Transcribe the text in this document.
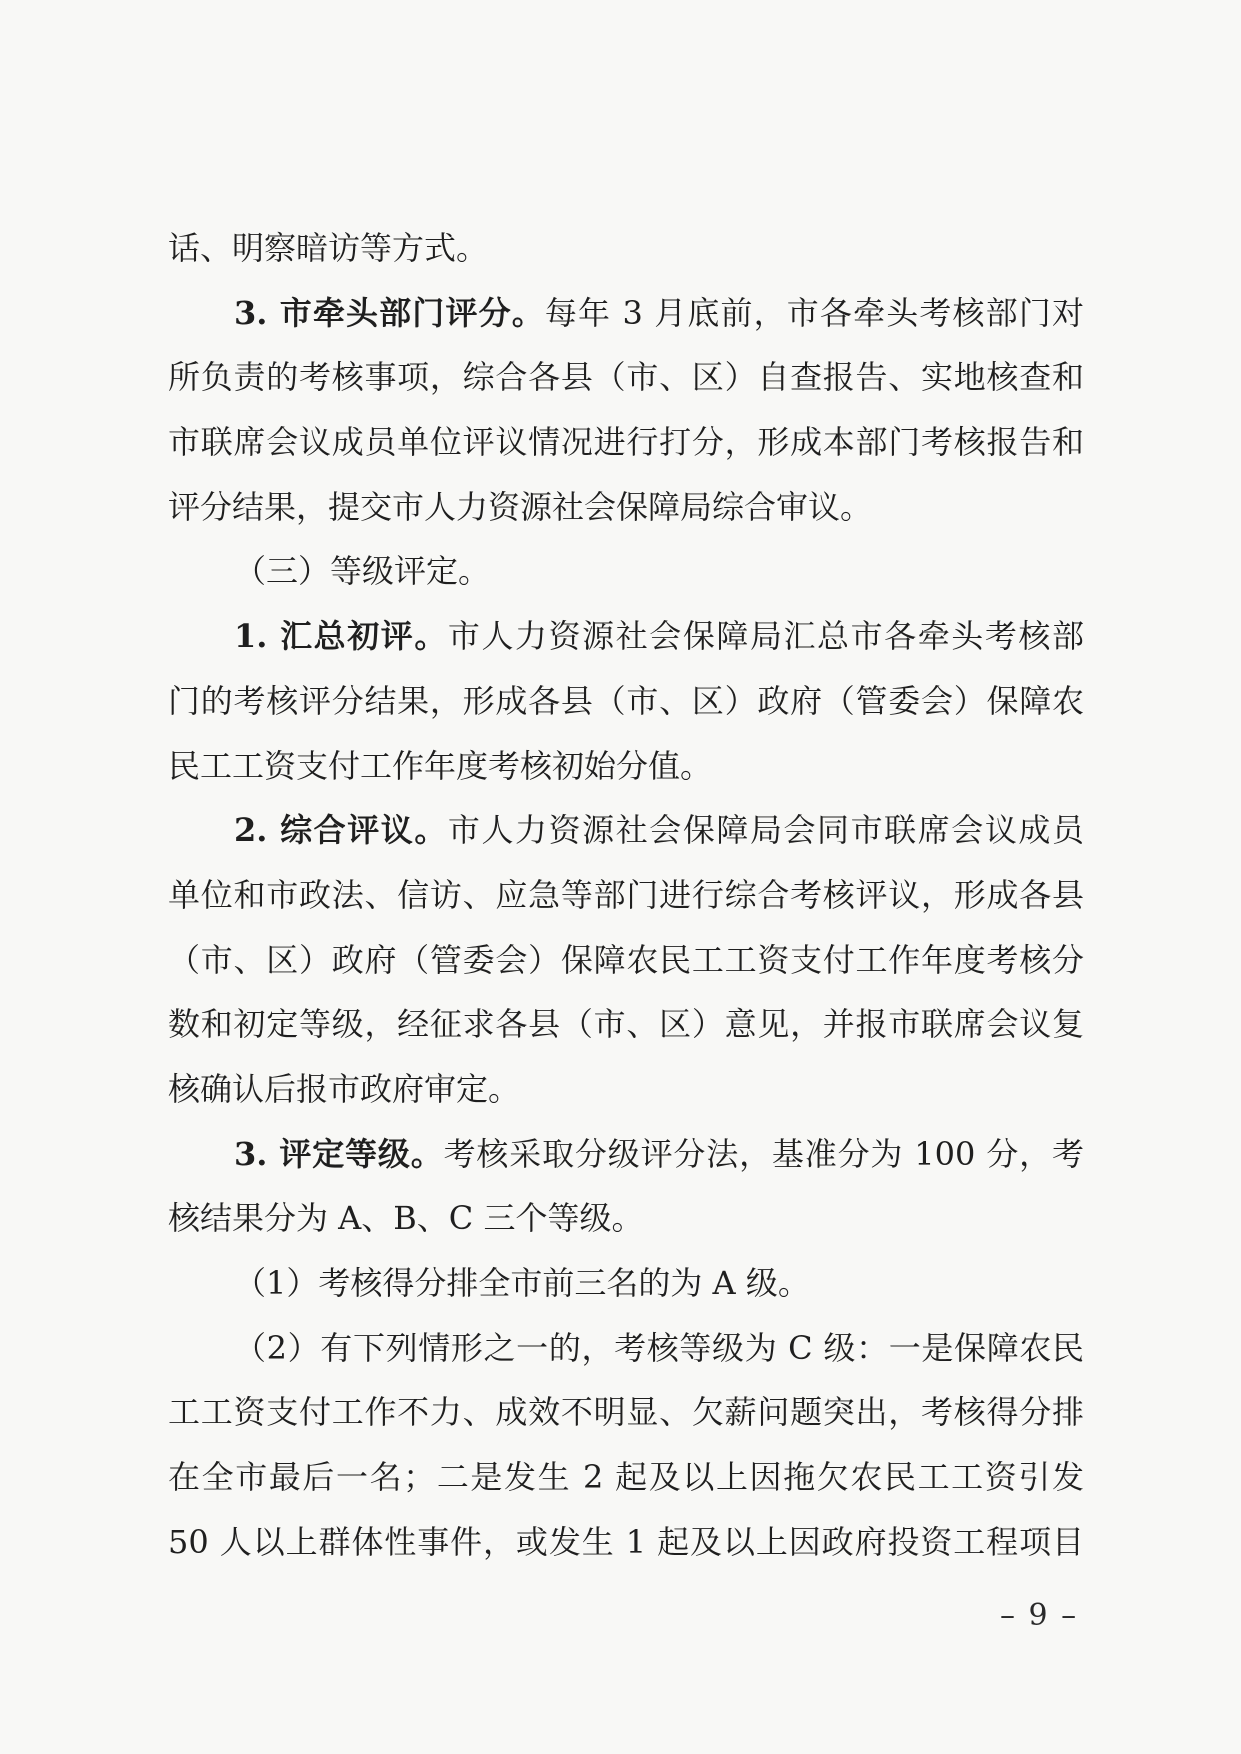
话、明察暗访等方式。
3. 市牵头部门评分。每年 3 月底前，市各牵头考核部门对
所负责的考核事项，综合各县（市、区）自查报告、实地核查和
市联席会议成员单位评议情况进行打分，形成本部门考核报告和
评分结果，提交市人力资源社会保障局综合审议。
（三）等级评定。
1. 汇总初评。市人力资源社会保障局汇总市各牵头考核部
门的考核评分结果，形成各县（市、区）政府（管委会）保障农
民工工资支付工作年度考核初始分值。
2. 综合评议。市人力资源社会保障局会同市联席会议成员
单位和市政法、信访、应急等部门进行综合考核评议，形成各县
（市、区）政府（管委会）保障农民工工资支付工作年度考核分
数和初定等级，经征求各县（市、区）意见，并报市联席会议复
核确认后报市政府审定。
3. 评定等级。考核采取分级评分法，基准分为 100 分，考
核结果分为 A、B、C 三个等级。
（1）考核得分排全市前三名的为 A 级。
（2）有下列情形之一的，考核等级为 C 级：一是保障农民
工工资支付工作不力、成效不明显、欠薪问题突出，考核得分排
在全市最后一名；二是发生 2 起及以上因拖欠农民工工资引发
50 人以上群体性事件，或发生 1 起及以上因政府投资工程项目
– 9 –
